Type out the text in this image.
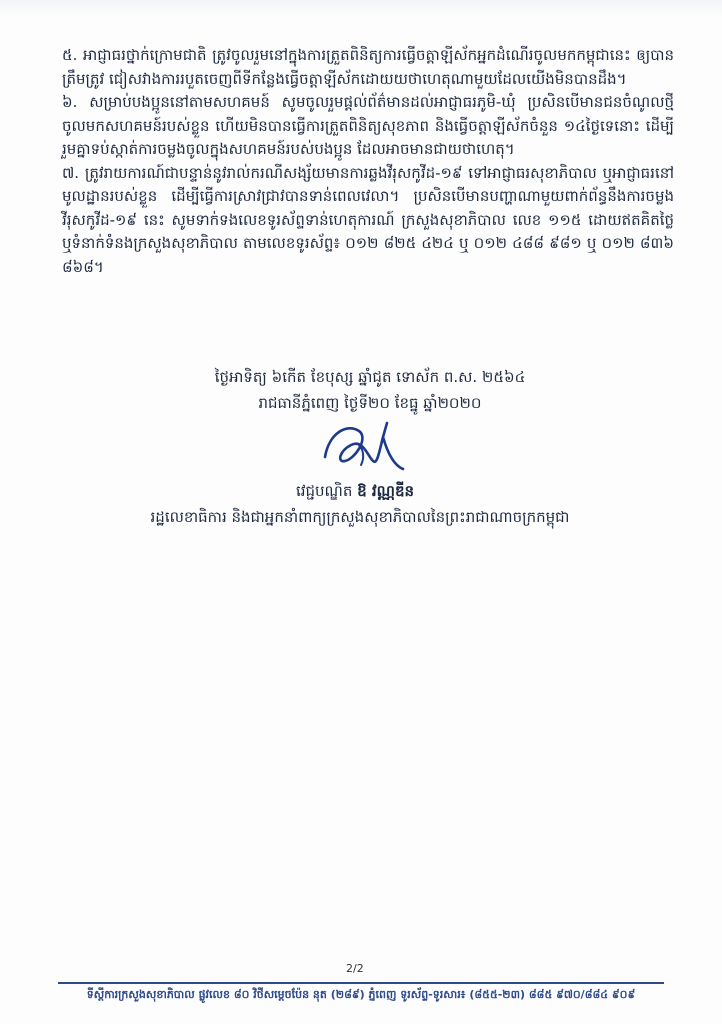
៥. អាជ្ញាធរថ្នាក់ក្រោមជាតិ ត្រូវចូលរួមនៅក្នុងការត្រួតពិនិត្យការធ្វើចត្តាឡីស័កអ្នកដំណើរចូលមកកម្ពុជានេះ ឲ្យបានត្រឹមត្រូវ ជៀសវាងការរបួតចេញពីទីកន្លែងធ្វើចត្តាឡីស័កដោយយថាហេតុណាមួយដែលយើងមិនបានដឹង។

៦. សម្រាប់បងប្អូននៅតាមសហគមន៍ សូមចូលរួមផ្តល់ព័ត៌មានដល់អាជ្ញាធរភូមិ-ឃុំ ប្រសិនបើមានជនចំណូលថ្មី ចូលមកសហគមន៍របស់ខ្លួន ហើយមិនបានធ្វើការត្រួតពិនិត្យសុខភាព និងធ្វើចត្តាឡីស័កចំនួន ១៤ថ្ងៃទេនោះ ដើម្បីរួមគ្នាទប់ស្កាត់ការចម្លងចូលក្នុងសហគមន៍របស់បងប្អូន ដែលអាចមានជាយថាហេតុ។

៧. ត្រូវរាយការណ៍ជាបន្ទាន់នូវរាល់ករណីសង្ស័យមានការឆ្លងវីរុសកូវីដ-១៩ ទៅអាជ្ញាធរសុខាភិបាល ឬអាជ្ញាធរនៅមូលដ្ឋានរបស់ខ្លួន ដើម្បីធ្វើការស្រាវជ្រាវបានទាន់ពេលវេលា។ ប្រសិនបើមានបញ្ហាណាមួយពាក់ព័ន្ធនឹងការចម្លងវីរុសកូវីដ-១៩ នេះ សូមទាក់ទងលេខទូរស័ព្ទទាន់ហេតុការណ៍ ក្រសួងសុខាភិបាល លេខ ១១៥ ដោយឥតគិតថ្លៃ ឬទំនាក់ទំនងក្រសួងសុខាភិបាល តាមលេខទូរស័ព្ទ៖ ០១២ ៨២៥ ៤២៤ ឬ ០១២ ៤៨៨ ៩៨១ ឬ ០១២ ៨៣៦ ៨៦៨។

ថ្ងៃអាទិត្យ ៦កើត ខែបុស្ស ឆ្នាំជូត ទោស័ក ព.ស. ២៥៦៤
រាជធានីភ្នំពេញ ថ្ងៃទី២០ ខែធ្នូ ឆ្នាំ២០២០
វេជ្ជបណ្ឌិត ឱ វណ្ណឌីន
រដ្ឋលេខាធិការ និងជាអ្នកនាំពាក្យក្រសួងសុខាភិបាលនៃព្រះរាជាណាចក្រកម្ពុជា
2/2
ទីស្តីការក្រសួងសុខាភិបាល ផ្លូវលេខ ៨០ វិថីសម្តេចប៉ែន នុត (២៨៩) ភ្នំពេញ ទូរស័ព្ទ-ទូរសារ៖ (៨៥៥-២៣) ៨៨៥ ៩៧០/៨៨៤ ៩០៩
